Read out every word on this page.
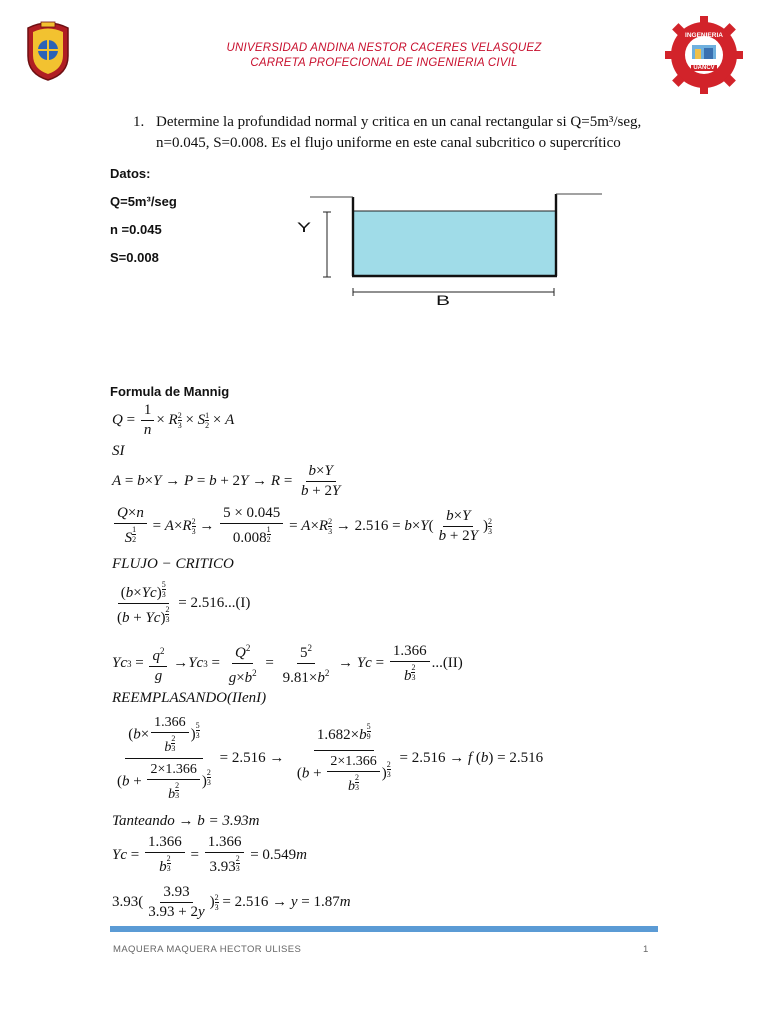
INGENIERIA CIVIL
UANCV
UNIVERSIDAD ANDINA NESTOR CACERES VELASQUEZ
CARRETA PROFECIONAL DE INGENIERIA CIVIL
1. Determine la profundidad normal y critica en un canal rectangular si Q=5m³/seg,
n=0.045, S=0.008. Es el flujo uniforme en este canal subcritico o supercrítico
Datos:
Q=5m³/seg
n =0.045
S=0.008
Y
B
Formula de Mannig
$Q = \frac{1}{n} \times R$ 2
3 × S 1
2 × A
SI
A = b × Y → P = b + 2 $Y \to R = \frac{b\times Y}{b + 2Y}$
Q×n
S $^{\frac{1}{2}}$ = A × R 2
3 → 5 × 0.045
0.008 $^{\frac{1}{2}}$ = A × R 2
3 → 2.516 = b × Y ( $\frac{b\times Y}{b + 2Y}$ ) 2
3
FLUJO − CRITICO
(b×Yc) $^{\frac{5}{3}}$
(b + Yc) $^{\frac{2}{3}}$ = 2.516 ...(I)
Yc $3 = \frac{q^2}{g} \to Yc$ $3 = \frac{Q^2}{g\times b^2} = \frac{5^2}{9.81\times b^2} \to Yc = 1.366$
b $^{\frac{2}{3}}$ ...(II)
REEMPLASANDO(IIenI)
(b× 1.366
b $^{\frac{2}{3}}$ ) $^{\frac{5}{3}}$
(b + 2×1.366
b $^{\frac{2}{3}}$ ) $^{\frac{2}{3}}$ = 2.516 → 1.682×b $^{\frac{5}{9}}$
(b + 2×1.366
b $^{\frac{2}{3}}$ ) $^{\frac{2}{3}}$ = 2.516 → f ( b ) = 2.516
Tanteando → b = 3.93m
Yc = 1.366
b $^{\frac{2}{3}}$ = 1.366
3.93 $^{\frac{2}{3}}$ = 0.549 m
3.93 ( $\frac{3.93}{3.93 + 2y}$ ) 2
3 = 2.516 → y = 1.87 m
MAQUERA MAQUERA HECTOR ULISES	1
